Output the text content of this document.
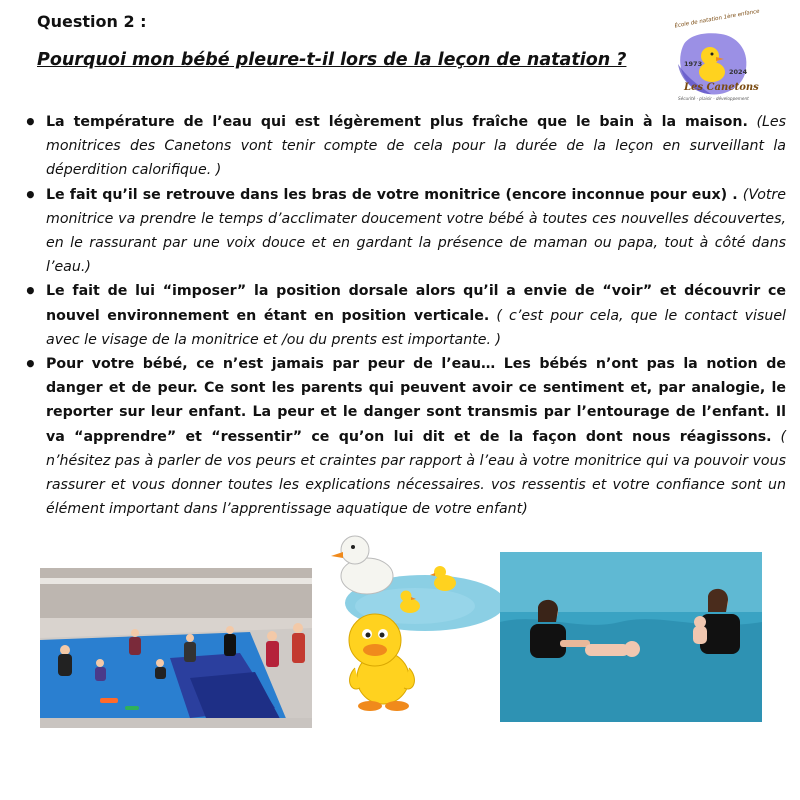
Question 2 :
Pourquoi mon bébé pleure-t-il lors de la leçon de natation ?
Les Canetons
1973
2024
École de natation 1ère enfance
Sécurité · plaisir · développement
• La température de l’eau qui est légèrement plus fraîche que le bain à la maison. (Les monitrices des Canetons vont tenir compte de cela pour la durée de la leçon en surveillant la déperdition calorifique. )
• Le fait qu’il se retrouve dans les bras de votre monitrice (encore inconnue pour eux) . (Votre monitrice va prendre le temps d’acclimater doucement votre bébé à toutes ces nouvelles découvertes, en le rassurant par une voix douce et en gardant la présence de maman ou papa, tout à côté dans l’eau.)
• Le fait de lui “imposer” la position dorsale alors qu’il a envie de “voir” et découvrir ce nouvel environnement en étant en position verticale. ( c’est pour cela, que le contact visuel avec le visage de la monitrice et /ou du prents est importante. )
• Pour votre bébé, ce n’est jamais par peur de l’eau… Les bébés n’ont pas la notion de danger et de peur. Ce sont les parents qui peuvent avoir ce sentiment et, par analogie, le reporter sur leur enfant. La peur et le danger sont transmis par l’entourage de l’enfant. Il va “apprendre” et “ressentir” ce qu’on lui dit et de la façon dont nous réagissons. ( n’hésitez pas à parler de vos peurs et craintes par rapport à l’eau à votre monitrice qui va pouvoir vous rassurer et vous donner toutes les explications nécessaires. vos ressentis et votre confiance sont un élément important dans l’apprentissage aquatique de votre enfant)
